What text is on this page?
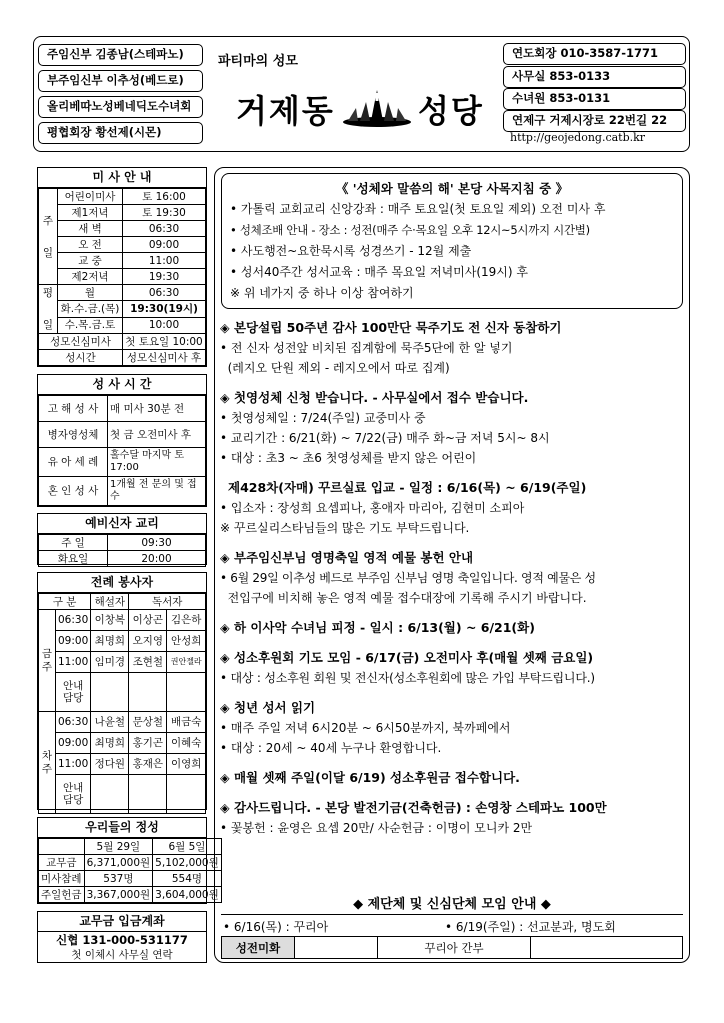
주임신부 김종남(스테파노)
부주임신부 이추성(베드로)
올리베따노성베네딕도수녀회
평협회장 황선제(시몬)
파티마의 성모
거제동	성당
연도회장 010-3587-1771
사무실 853-0133
수녀원 853-0131
연제구 거제시장로 22번길 22
http://geojedong.catb.kr
미 사 안 내
주

일	어린이미사	토 16:00
	제1저녁	토 19:30
	새 벽	06:30
	오 전	09:00
	교 중	11:00
	제2저녁	19:30
평

일	월	06:30
	화.수.금.(목)	19:30(19시)
	수.목.금.토	10:00
성모신심미사		첫 토요일 10:00
성시간		성모신심미사 후
성 사 시 간
고 해 성 사	매 미사 30분 전
병자영성체	첫 금 오전미사 후
유 아 세 례	홀수달 마지막 토 17:00
혼 인 성 사	1개월 전 문의 및 접수
예비신자 교리
주 일	09:30
화요일	20:00
전례 봉사자
구 분		해설자	독서자	
금주	06:30	이창복	이상곤	김은하
	09:00	최명희	오지영	안성희
	11:00	임미경	조현철	권안젤라
	안내담당			
차주	06:30	나윤철	문상철	배금숙
	09:00	최명희	홍기곤	이혜숙
	11:00	정다원	홍재은	이영희
	안내담당			
우리들의 정성
	5월 29일	6월 5일
교무금	6,371,000원	5,102,000원
미사참례	537명	554명
주일헌금	3,367,000원	3,604,000원
교무금 입금계좌
신협 131-000-531177
첫 이체시 사무실 연락
《 '성체와 말씀의 해' 본당 사목지침 중 》
• 가톨릭 교회교리 신앙강좌 : 매주 토요일(첫 토요일 제외) 오전 미사 후
• 성체조배 안내 - 장소 : 성전(매주 수·목요일 오후 12시~5시까지 시간별)
• 사도행전~요한묵시록 성경쓰기 - 12월 제출
• 성서40주간 성서교육 : 매주 목요일 저녁미사(19시) 후
※ 위 네가지 중 하나 이상 참여하기
◈ 본당설립 50주년 감사 100만단 묵주기도 전 신자 동참하기
• 전 신자 성전앞 비치된 집계함에 묵주5단에 한 알 넣기
(레지오 단원 제외 - 레지오에서 따로 집계)
◈ 첫영성체 신청 받습니다. - 사무실에서 접수 받습니다.
• 첫영성체일 : 7/24(주일) 교중미사 중
• 교리기간 : 6/21(화) ~ 7/22(금) 매주 화~금 저녁 5시~ 8시
• 대상 : 초3 ~ 초6 첫영성체를 받지 않은 어린이
제428차(자매) 꾸르실료 입교 - 일정 : 6/16(목) ~ 6/19(주일)
• 입소자 : 장성희 요셉피나, 홍애자 마리아, 김현미 소피아
※ 꾸르실리스타님들의 많은 기도 부탁드립니다.
◈ 부주임신부님 영명축일 영적 예물 봉헌 안내
• 6월 29일 이추성 베드로 부주임 신부님 영명 축일입니다. 영적 예물은 성
전입구에 비치해 놓은 영적 예물 접수대장에 기록해 주시기 바랍니다.
◈ 하 이사악 수녀님 피정 - 일시 : 6/13(월) ~ 6/21(화)
◈ 성소후원회 기도 모임 - 6/17(금) 오전미사 후(매월 셋째 금요일)
• 대상 : 성소후원 회원 및 전신자(성소후원회에 많은 가입 부탁드립니다.)
◈ 청년 성서 읽기
• 매주 주일 저녁 6시20분 ~ 6시50분까지, 북까페에서
• 대상 : 20세 ~ 40세 누구나 환영합니다.
◈ 매월 셋째 주일(이달 6/19) 성소후원금 접수합니다.
◈ 감사드립니다. - 본당 발전기금(건축헌금) : 손영창 스테파노 100만
• 꽃봉헌 : 윤영은 요셉 20만/ 사순헌금 : 이명이 모니카 2만
◆ 제단체 및 신심단체 모임 안내 ◆
• 6/16(목) : 꾸리아	• 6/19(주일) : 선교분과, 명도회
성전미화		꾸리아 간부	
